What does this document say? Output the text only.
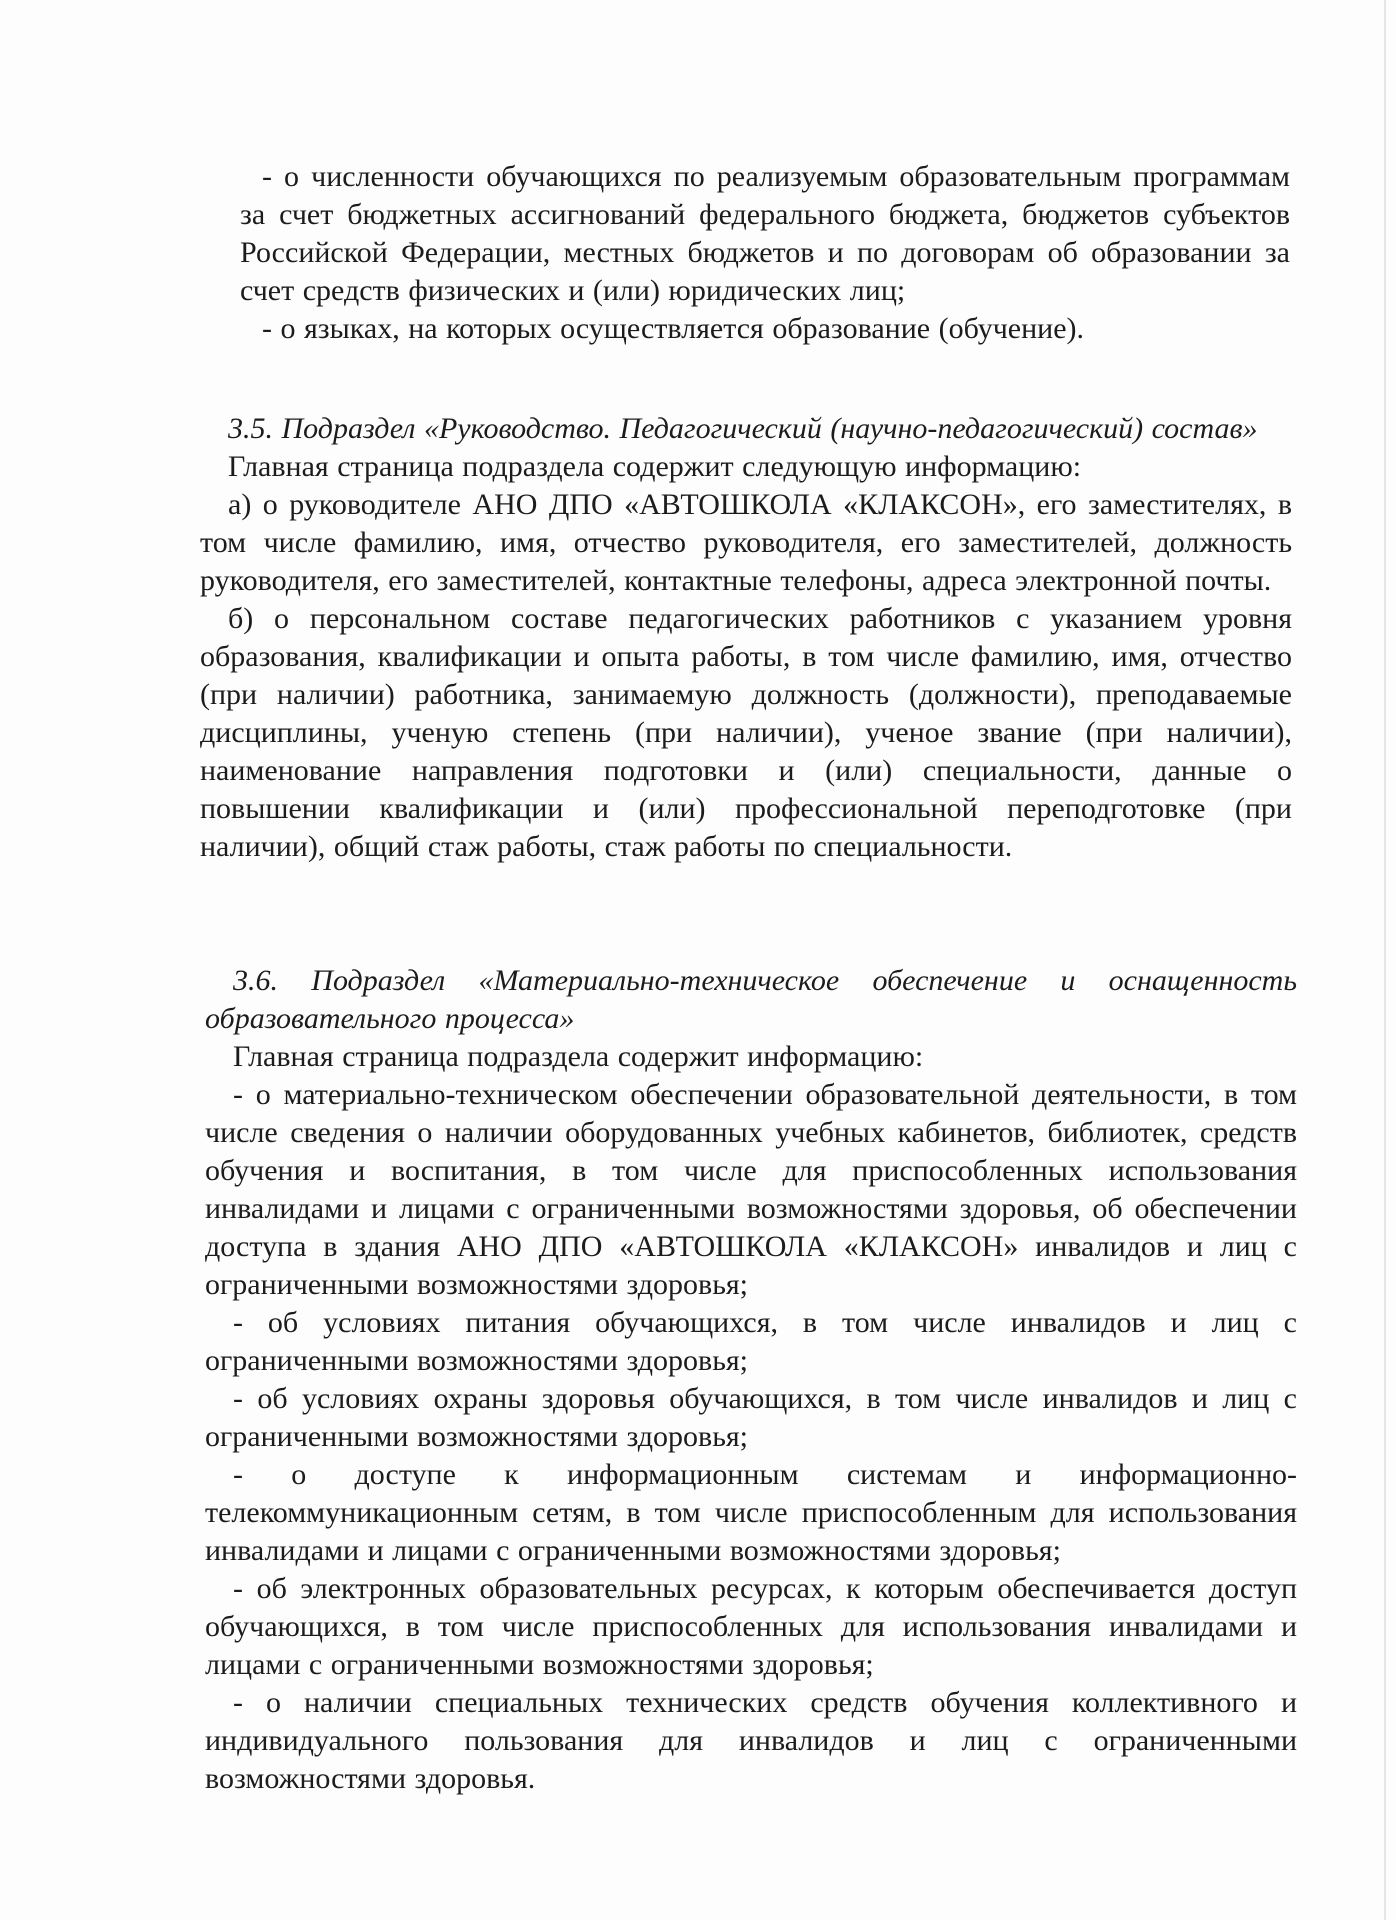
- о численности обучающихся по реализуемым образовательным программам за счет бюджетных ассигнований федерального бюджета, бюджетов субъектов Российской Федерации, местных бюджетов и по договорам об образовании за счет средств физических и (или) юридических лиц;

- о языках, на которых осуществляется образование (обучение).

3.5. Подраздел «Руководство. Педагогический (научно-педагогический) состав»

Главная страница подраздела содержит следующую информацию:

а) о руководителе АНО ДПО «АВТОШКОЛА «КЛАКСОН», его заместителях, в том числе фамилию, имя, отчество руководителя, его заместителей, должность руководителя, его заместителей, контактные телефоны, адреса электронной почты.

б) о персональном составе педагогических работников с указанием уровня образования, квалификации и опыта работы, в том числе фамилию, имя, отчество (при наличии) работника, занимаемую должность (должности), преподаваемые дисциплины, ученую степень (при наличии), ученое звание (при наличии), наименование направления подготовки и (или) специальности, данные о повышении квалификации и (или) профессиональной переподготовке (при наличии), общий стаж работы, стаж работы по специальности.

3.6. Подраздел «Материально-техническое обеспечение и оснащенность образовательного процесса»

Главная страница подраздела содержит информацию:

- о материально-техническом обеспечении образовательной деятельности, в том числе сведения о наличии оборудованных учебных кабинетов, библиотек, средств обучения и воспитания, в том числе для приспособленных использования инвалидами и лицами с ограниченными возможностями здоровья, об обеспечении доступа в здания АНО ДПО «АВТОШКОЛА «КЛАКСОН» инвалидов и лиц с ограниченными возможностями здоровья;

- об условиях питания обучающихся, в том числе инвалидов и лиц с ограниченными возможностями здоровья;

- об условиях охраны здоровья обучающихся, в том числе инвалидов и лиц с ограниченными возможностями здоровья;

- о доступе к информационным системам и информационно-телекоммуникационным сетям, в том числе приспособленным для использования инвалидами и лицами с ограниченными возможностями здоровья;

- об электронных образовательных ресурсах, к которым обеспечивается доступ обучающихся, в том числе приспособленных для использования инвалидами и лицами с ограниченными возможностями здоровья;

- о наличии специальных технических средств обучения коллективного и индивидуального пользования для инвалидов и лиц с ограниченными возможностями здоровья.
